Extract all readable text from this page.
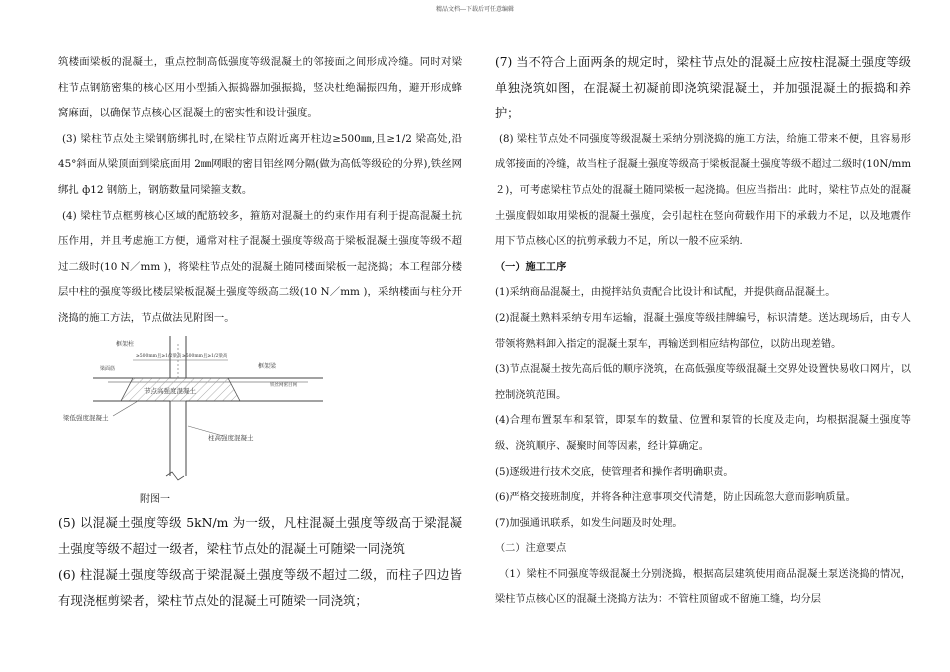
精品文档---下载后可任意编辑

筑楼面梁板的混凝土，重点控制高低强度等级混凝土的邻接面之间形成冷缝。同时对梁柱节点钢筋密集的核心区用小型插入振捣器加强振捣，竖决杜绝漏振四角，避开形成蜂窝麻面，以确保节点核心区混凝土的密实性和设计强度。

(3) 梁柱节点处主梁钢筋绑扎时,在梁柱节点附近离开柱边≥500㎜,且≥1/2 梁高处,沿45°斜面从梁顶面到梁底面用 2㎜网眼的密目铝丝网分隔(做为高低等级砼的分界),铁丝网绑扎 ф12 钢筋上，钢筋数量同梁箍支数。

(4) 梁柱节点框剪核心区域的配筋较多，箍筋对混凝土的约束作用有利于提高混凝土抗压作用，并且考虑施工方便，通常对柱子混凝土强度等级高于梁板混凝土强度等级不超过二级时(10 N／mm )，将梁柱节点处的混凝土随同楼面梁板一起浇捣；本工程部分楼层中柱的强度等级比楼层梁板混凝土强度等级高二级(10 N／mm )，采纳楼面与柱分开浇捣的施工方法，节点做法见附图一。

框架柱
梁面筋
≥500mm且≥1/2梁高 ≥500mm且≥1/2梁高
框架梁
节点高强度混凝土
铁丝网密目网
梁低强度混凝土
柱高强度混凝土
附图一

(5) 以混凝土强度等级 5kN/m 为一级，凡柱混凝土强度等级高于梁混凝土强度等级不超过一级者，梁柱节点处的混凝土可随梁一同浇筑

(6) 柱混凝土强度等级高于梁混凝土强度等级不超过二级，而柱子四边皆有现浇框剪梁者，梁柱节点处的混凝土可随梁一同浇筑；

(7) 当不符合上面两条的规定时，梁柱节点处的混凝土应按柱混凝土强度等级单独浇筑如图，在混凝土初凝前即浇筑梁混凝土，并加强混凝土的振捣和养护；

(8) 梁柱节点处不同强度等级混凝土采纳分别浇捣的施工方法，给施工带来不便，且容易形成邻接面的冷缝，故当柱子混凝土强度等级高于梁板混凝土强度等级不超过二级时(10N/mm ２)，可考虑梁柱节点处的混凝土随同梁板一起浇捣。但应当指出：此时，梁柱节点处的混凝土强度假如取用梁板的混凝土强度，会引起柱在竖向荷载作用下的承载力不足，以及地震作用下节点核心区的抗剪承载力不足，所以一般不应采纳.

（一）施工工序

(1)采纳商品混凝土，由搅拌站负责配合比设计和试配，并提供商品混凝土。

(2)混凝土熟料采纳专用车运输，混凝土强度等级挂牌编号，标识清楚。送达现场后，由专人带领将熟料卸入指定的混凝土泵车，再输送到相应结构部位，以防出现差错。

(3)节点混凝土按先高后低的顺序浇筑，在高低强度等级混凝土交界处设置快易收口网片，以控制浇筑范围。

(4)合理布置泵车和泵管，即泵车的数量、位置和泵管的长度及走向，均根据混凝土强度等级、浇筑顺序、凝聚时间等因素，经计算确定。

(5)逐级进行技术交底，使管理者和操作者明确职责。

(6)严格交接班制度，并将各种注意事项交代清楚，防止因疏忽大意而影响质量。

(7)加强通讯联系，如发生问题及时处理。

（二）注意要点

（1）梁柱不同强度等级混凝土分别浇捣，根据高层建筑使用商品混凝土泵送浇捣的情况，梁柱节点核心区的混凝土浇捣方法为：不管柱顶留或不留施工缝，均分层
